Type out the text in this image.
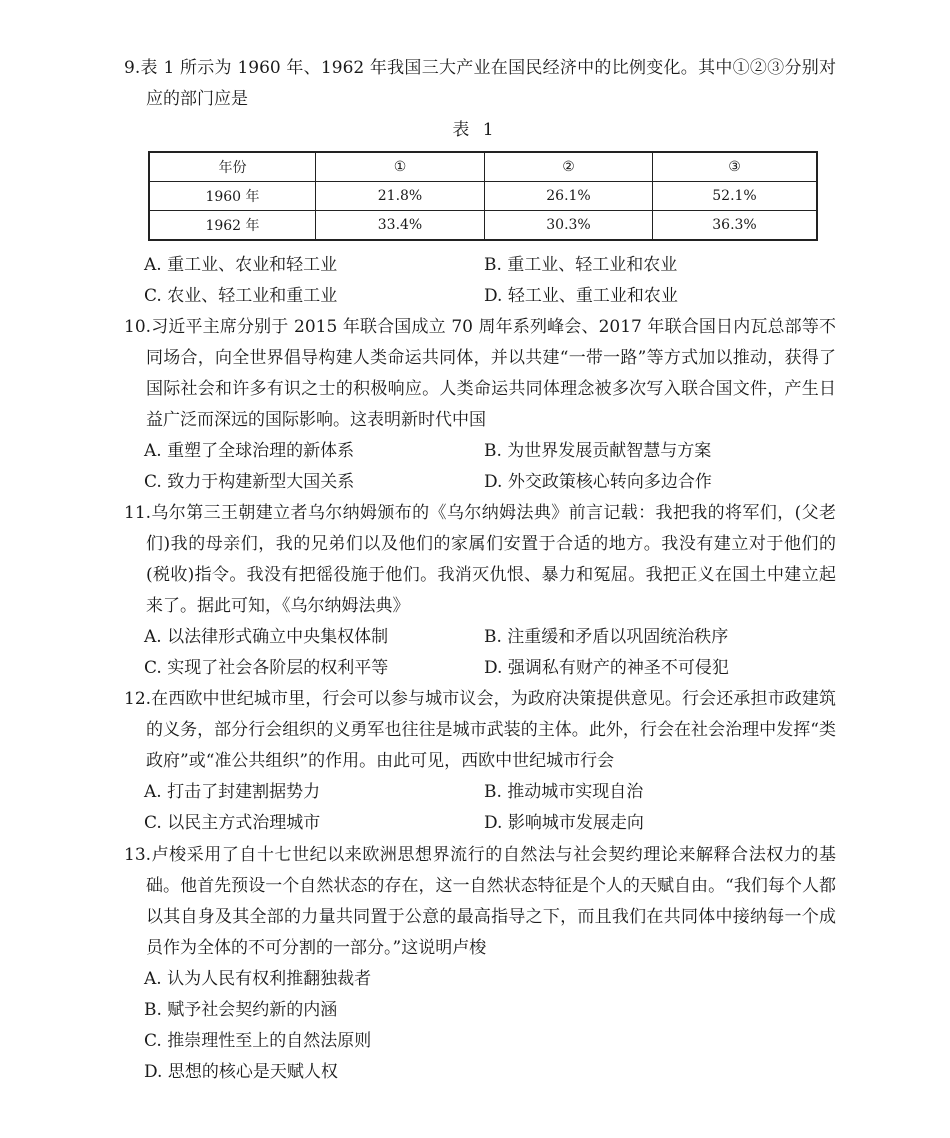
9.表 1 所示为 1960 年、1962 年我国三大产业在国民经济中的比例变化。其中①②③分别对应的部门应是
表 1
年份	①	②	③
1960 年	21.8%	26.1%	52.1%
1962 年	33.4%	30.3%	36.3%
A. 重工业、农业和轻工业	B. 重工业、轻工业和农业
C. 农业、轻工业和重工业	D. 轻工业、重工业和农业
10.习近平主席分别于 2015 年联合国成立 70 周年系列峰会、2017 年联合国日内瓦总部等不同场合，向全世界倡导构建人类命运共同体，并以共建“一带一路”等方式加以推动，获得了国际社会和许多有识之士的积极响应。人类命运共同体理念被多次写入联合国文件，产生日益广泛而深远的国际影响。这表明新时代中国
A. 重塑了全球治理的新体系	B. 为世界发展贡献智慧与方案
C. 致力于构建新型大国关系	D. 外交政策核心转向多边合作
11.乌尔第三王朝建立者乌尔纳姆颁布的《乌尔纳姆法典》前言记载：我把我的将军们，(父老们)我的母亲们，我的兄弟们以及他们的家属们安置于合适的地方。我没有建立对于他们的(税收)指令。我没有把徭役施于他们。我消灭仇恨、暴力和冤屈。我把正义在国土中建立起来了。据此可知，《乌尔纳姆法典》
A. 以法律形式确立中央集权体制	B. 注重缓和矛盾以巩固统治秩序
C. 实现了社会各阶层的权利平等	D. 强调私有财产的神圣不可侵犯
12.在西欧中世纪城市里，行会可以参与城市议会，为政府决策提供意见。行会还承担市政建筑的义务，部分行会组织的义勇军也往往是城市武装的主体。此外，行会在社会治理中发挥“类政府”或“准公共组织”的作用。由此可见，西欧中世纪城市行会
A. 打击了封建割据势力	B. 推动城市实现自治
C. 以民主方式治理城市	D. 影响城市发展走向
13.卢梭采用了自十七世纪以来欧洲思想界流行的自然法与社会契约理论来解释合法权力的基础。他首先预设一个自然状态的存在，这一自然状态特征是个人的天赋自由。“我们每个人都以其自身及其全部的力量共同置于公意的最高指导之下，而且我们在共同体中接纳每一个成员作为全体的不可分割的一部分。”这说明卢梭
A. 认为人民有权利推翻独裁者
B. 赋予社会契约新的内涵
C. 推崇理性至上的自然法原则
D. 思想的核心是天赋人权
